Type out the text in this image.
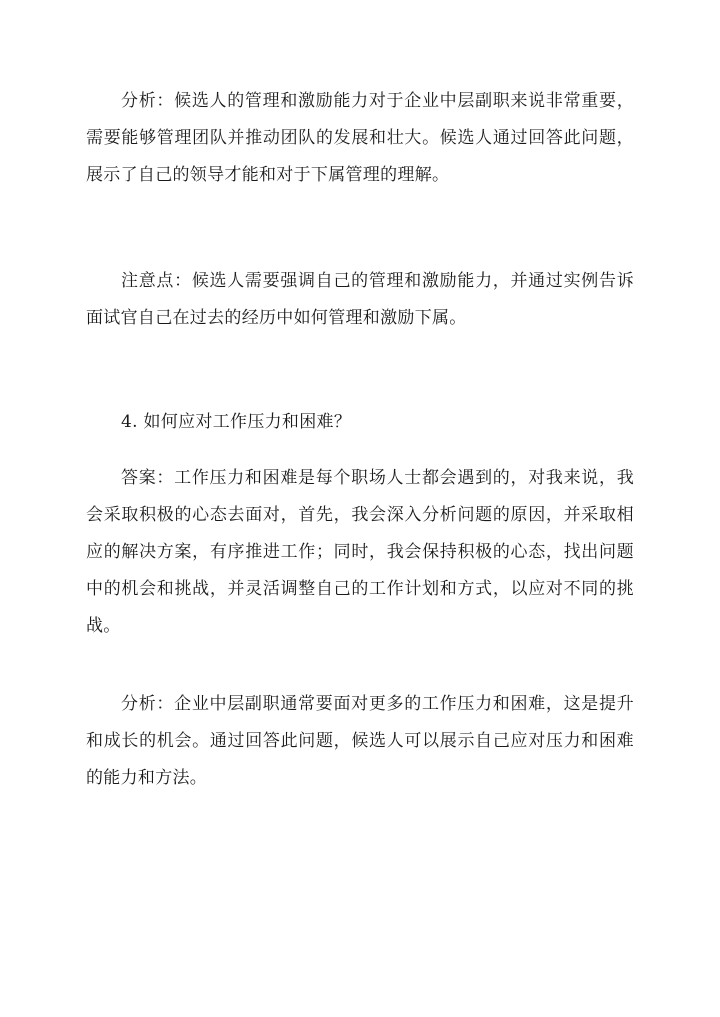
分析：候选人的管理和激励能力对于企业中层副职来说非常重要，需要能够管理团队并推动团队的发展和壮大。候选人通过回答此问题，展示了自己的领导才能和对于下属管理的理解。

注意点：候选人需要强调自己的管理和激励能力，并通过实例告诉面试官自己在过去的经历中如何管理和激励下属。

4. 如何应对工作压力和困难？

答案：工作压力和困难是每个职场人士都会遇到的，对我来说，我会采取积极的心态去面对，首先，我会深入分析问题的原因，并采取相应的解决方案，有序推进工作；同时，我会保持积极的心态，找出问题中的机会和挑战，并灵活调整自己的工作计划和方式，以应对不同的挑战。

分析：企业中层副职通常要面对更多的工作压力和困难，这是提升和成长的机会。通过回答此问题，候选人可以展示自己应对压力和困难的能力和方法。
